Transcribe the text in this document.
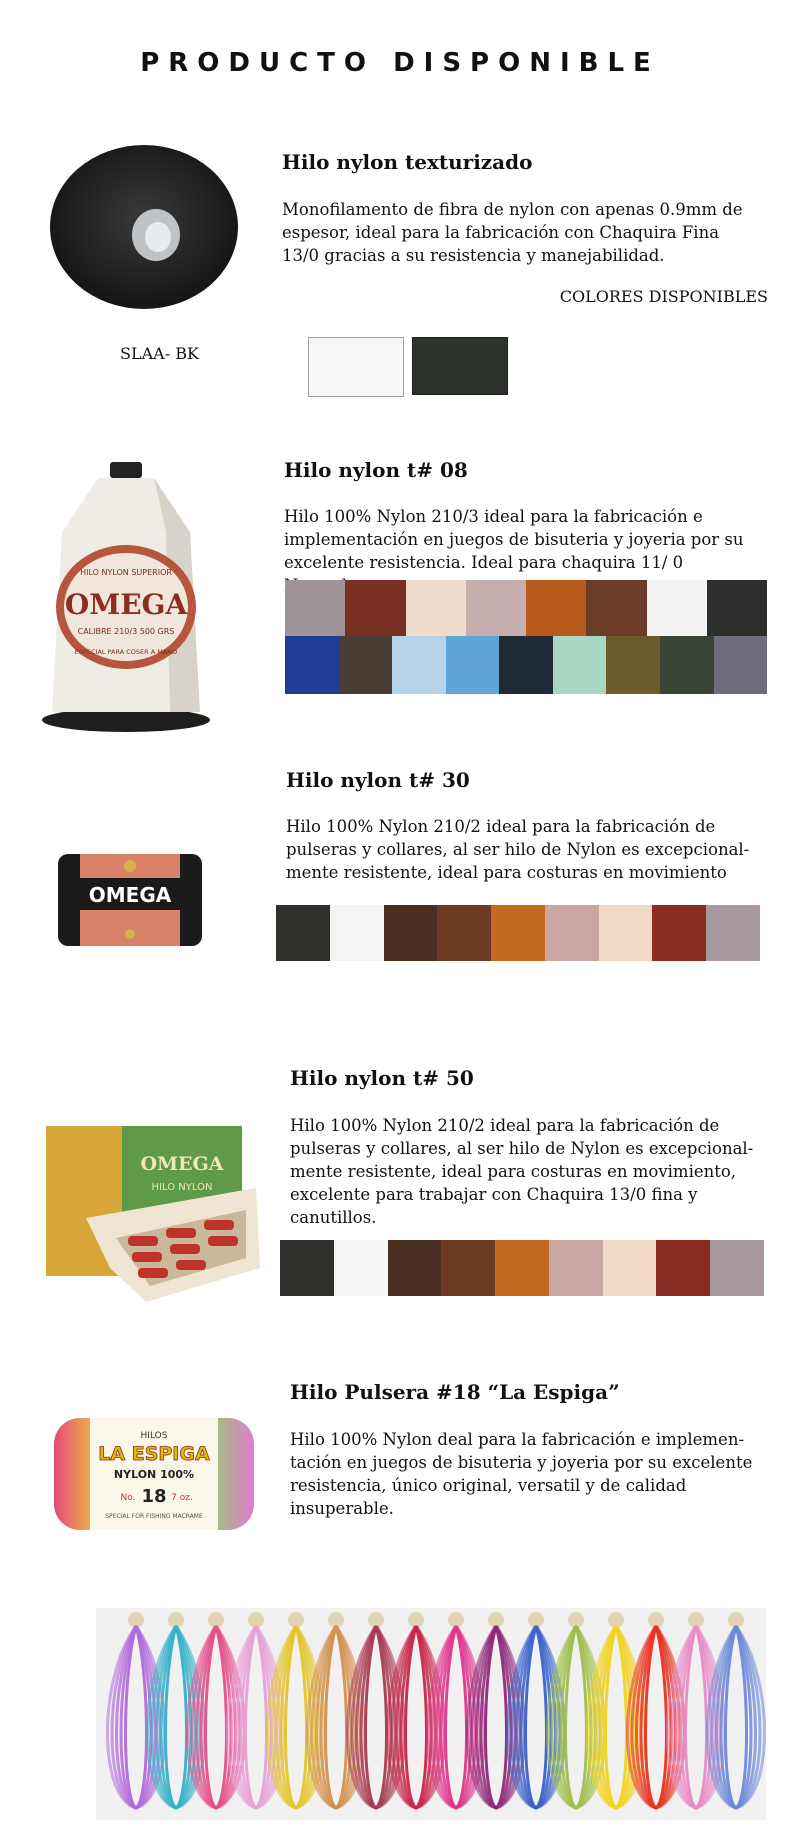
PRODUCTO DISPONIBLE
Hilo nylon texturizado
Monofilamento de fibra de nylon con apenas 0.9mm de espesor, ideal para la fabricación con Chaquira Fina 13/0 gracias a su resistencia y manejabilidad.
COLORES DISPONIBLES
SLAA- BK
HILO NYLON SUPERIOR
OMEGA
CALIBRE 210/3 500 GRS
ESPECIAL PARA COSER A MANO
Hilo nylon t# 08
Hilo 100% Nylon 210/3 ideal para la fabricación e implementación en juegos de bisuteria y joyeria por su excelente resistencia. Ideal para chaquira 11/ 0
OMEGA
Hilo nylon t# 30
Hilo 100% Nylon 210/2 ideal para la fabricación de pulseras y collares, al ser hilo de Nylon es excepcional-mente resistente, ideal para costuras en movimiento
OMEGA
HILO NYLON
Hilo nylon t# 50
Hilo 100% Nylon 210/2 ideal para la fabricación de pulseras y collares, al ser hilo de Nylon es excepcional-mente resistente, ideal para costuras en movimiento, excelente para trabajar con Chaquira 13/0 fina y canutillos.
HILOS
LA ESPIGA
NYLON 100%
No. 18 7 oz.
SPECIAL FOR FISHING MACRAME
Hilo Pulsera #18 “La Espiga”
Hilo 100% Nylon deal para la fabricación e implemen-tación en juegos de bisuteria y joyeria por su excelente resistencia, único original, versatil y de calidad insuperable.
